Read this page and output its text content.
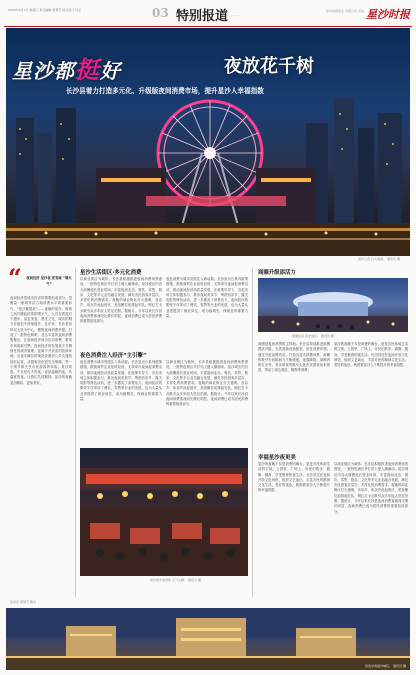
2023年6月7日 星期三 责任编辑 周慧芳 版式设计 付正	03 特别报道
———— · · · · · ·
星沙时报报业 有限公司 出品 星沙时报
星沙都挺好	夜放花千树
长沙县着力打造多元化、升级版夜间消费市场，提升星沙人幸福指数
星沙之夜 灯火璀璨。 通讯员 摄
“ 夜间经济 星沙夜 更有味 “烟火气”
夜间经济是城市经济的重要组成部分，是衡量一座城市活力和消费水平的重要标尺。“星沙都挺好”——夜晚的星沙，街巷之间升腾起浓浓的烟火气，人们在霓虹灯下漫步、品尝美食、感受文化，城市的魅力在夜色中徐徐展开。近年来，长沙县坚持以人民为中心，聚焦夜间消费升级，打造了一批特色鲜明、业态丰富的夜间消费集聚区，让夜间经济成为拉动消费、繁荣市场的新引擎。夜间经济的发展离不开精细化的城市管理，更离不开优质的营商环境。从夜市摊位的规范设置到公共交通的延时运营，从照明亮化到安全保障，每一个细节都关乎市民游客的体验。星沙的夜，不仅是灯火的夜，更是温暖的夜、有温度的夜。让我们共同期待，星沙的夜晚更加精彩，更加美好。
星沙生活街区·多元化消费
以商业街区为载体，长沙县积极推进夜间消费场景建设，一批特色街区华灯初上便人潮涌动。星沙城区内各大商圈延长营业时间，丰富夜间业态，餐饮、零售、娱乐、文化等多元业态融合发展，满足市民游客多层次、多样化的消费需求。夜晚的商业街区灯火通明，音乐声、叫卖声此起彼伏，美食摊位前排起长队，网红打卡点吸引众多年轻人驻足拍照。据统计，今年以来长沙县夜间消费客流同比增长明显，夜间消费已成为居民消费的重要组成部分。
夜色消费为城市发展注入新动能。长沙县出台系列政策措施，鼓励商贸企业延时经营，支持举办夜间促消费活动，推动夜间经济高质量发展。在政策引导下，各类市场主体积极参与，推出夜间美食节、啤酒音乐节、露天电影等特色活动，进一步激发了消费活力。夜间经济的繁荣不仅带动了餐饮、零售等行业的发展，也为大量从业者提供了就业岗位，成为稳增长、保就业的重要力量。
夜色消费注入经济“主引擎”
夜色消费为城市发展注入新动能。长沙县出台系列政策措施，鼓励商贸企业延时经营，支持举办夜间促消费活动，推动夜间经济高质量发展。在政策引导下，各类市场主体积极参与，推出夜间美食节、啤酒音乐节、露天电影等特色活动，进一步激发了消费活力。夜间经济的繁荣不仅带动了餐饮、零售等行业的发展，也为大量从业者提供了就业岗位，成为稳增长、保就业的重要力量。
以商业街区为载体，长沙县积极推进夜间消费场景建设，一批特色街区华灯初上便人潮涌动。星沙城区内各大商圈延长营业时间，丰富夜间业态，餐饮、零售、娱乐、文化等多元业态融合发展，满足市民游客多层次、多样化的消费需求。夜晚的商业街区灯火通明，音乐声、叫卖声此起彼伏，美食摊位前排起长队，网红打卡点吸引众多年轻人驻足拍照。据统计，今年以来长沙县夜间消费客流同比增长明显，夜间消费已成为居民消费的重要组成部分。
星沙夜市美食街 人气火爆。 通讯员 摄
商圈升级添活力
商圈夜景 流光溢彩。 通讯员 摄
商圈是夜间消费的主阵地。长沙县持续推进商圈提质升级，完善基础设施配套，优化消费环境。通过引进品牌首店、打造沉浸式消费场景，商圈的吸引力和辐射力不断增强。夜幕降临，商圈内的灯光秀、音乐喷泉等吸引大批市民游客前来观赏，带动了周边餐饮、购物等消费。
星沙的夜晚不仅是消费的舞台，更是市民休闲生活的空间。公园里、广场上，市民们散步、跳舞、健身，享受惬意的夜生活。长沙县还在夜间开放文化场馆、组织文艺演出，丰富市民的精神文化生活。美好的夜色，映照着星沙人不断提升的幸福指数。
幸福星沙夜更美
星沙的夜晚不仅是消费的舞台，更是市民休闲生活的空间。公园里、广场上，市民们散步、跳舞、健身，享受惬意的夜生活。长沙县还在夜间开放文化场馆、组织文艺演出，丰富市民的精神文化生活。美好的夜色，映照着星沙人不断提升的幸福指数。
以商业街区为载体，长沙县积极推进夜间消费场景建设，一批特色街区华灯初上便人潮涌动。星沙城区内各大商圈延长营业时间，丰富夜间业态，餐饮、零售、娱乐、文化等多元业态融合发展，满足市民游客多层次、多样化的消费需求。夜晚的商业街区灯火通明，音乐声、叫卖声此起彼伏，美食摊位前排起长队，网红打卡点吸引众多年轻人驻足拍照。据统计，今年以来长沙县夜间消费客流同比增长明显，夜间消费已成为居民消费的重要组成部分。
评论员 周慧芳 撰文
夜色中的星沙城区。 通讯员 摄
